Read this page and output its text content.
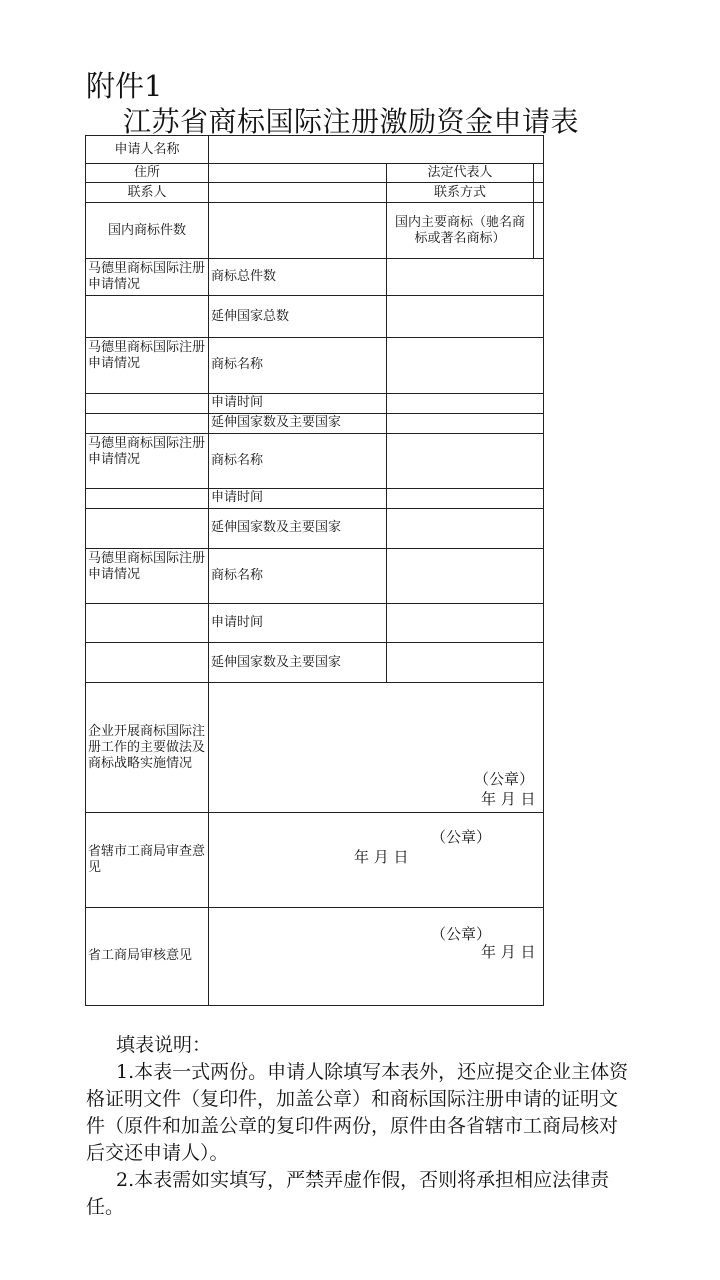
附件1
江苏省商标国际注册激励资金申请表
申请人名称			
住所		法定代表人	
联系人		联系方式	
国内商标件数		国内主要商标（驰名商标或著名商标）	
马德里商标国际注册申请情况	商标总件数		
	延伸国家总数		
马德里商标国际注册申请情况	商标名称		
	申请时间		
	延伸国家数及主要国家		
马德里商标国际注册申请情况	商标名称		
	申请时间		
	延伸国家数及主要国家		
马德里商标国际注册申请情况	商标名称		
	申请时间		
	延伸国家数及主要国家		
企业开展商标国际注册工作的主要做法及商标战略实施情况	（公章）
年 月 日		

省辖市工商局审查意见	（公章）
年 月 日		

省工商局审核意见	（公章）
年 月 日		

填表说明：

1.本表一式两份。申请人除填写本表外，还应提交企业主体资格证明文件（复印件，加盖公章）和商标国际注册申请的证明文件（原件和加盖公章的复印件两份，原件由各省辖市工商局核对后交还申请人）。

2.本表需如实填写，严禁弄虚作假，否则将承担相应法律责任。
